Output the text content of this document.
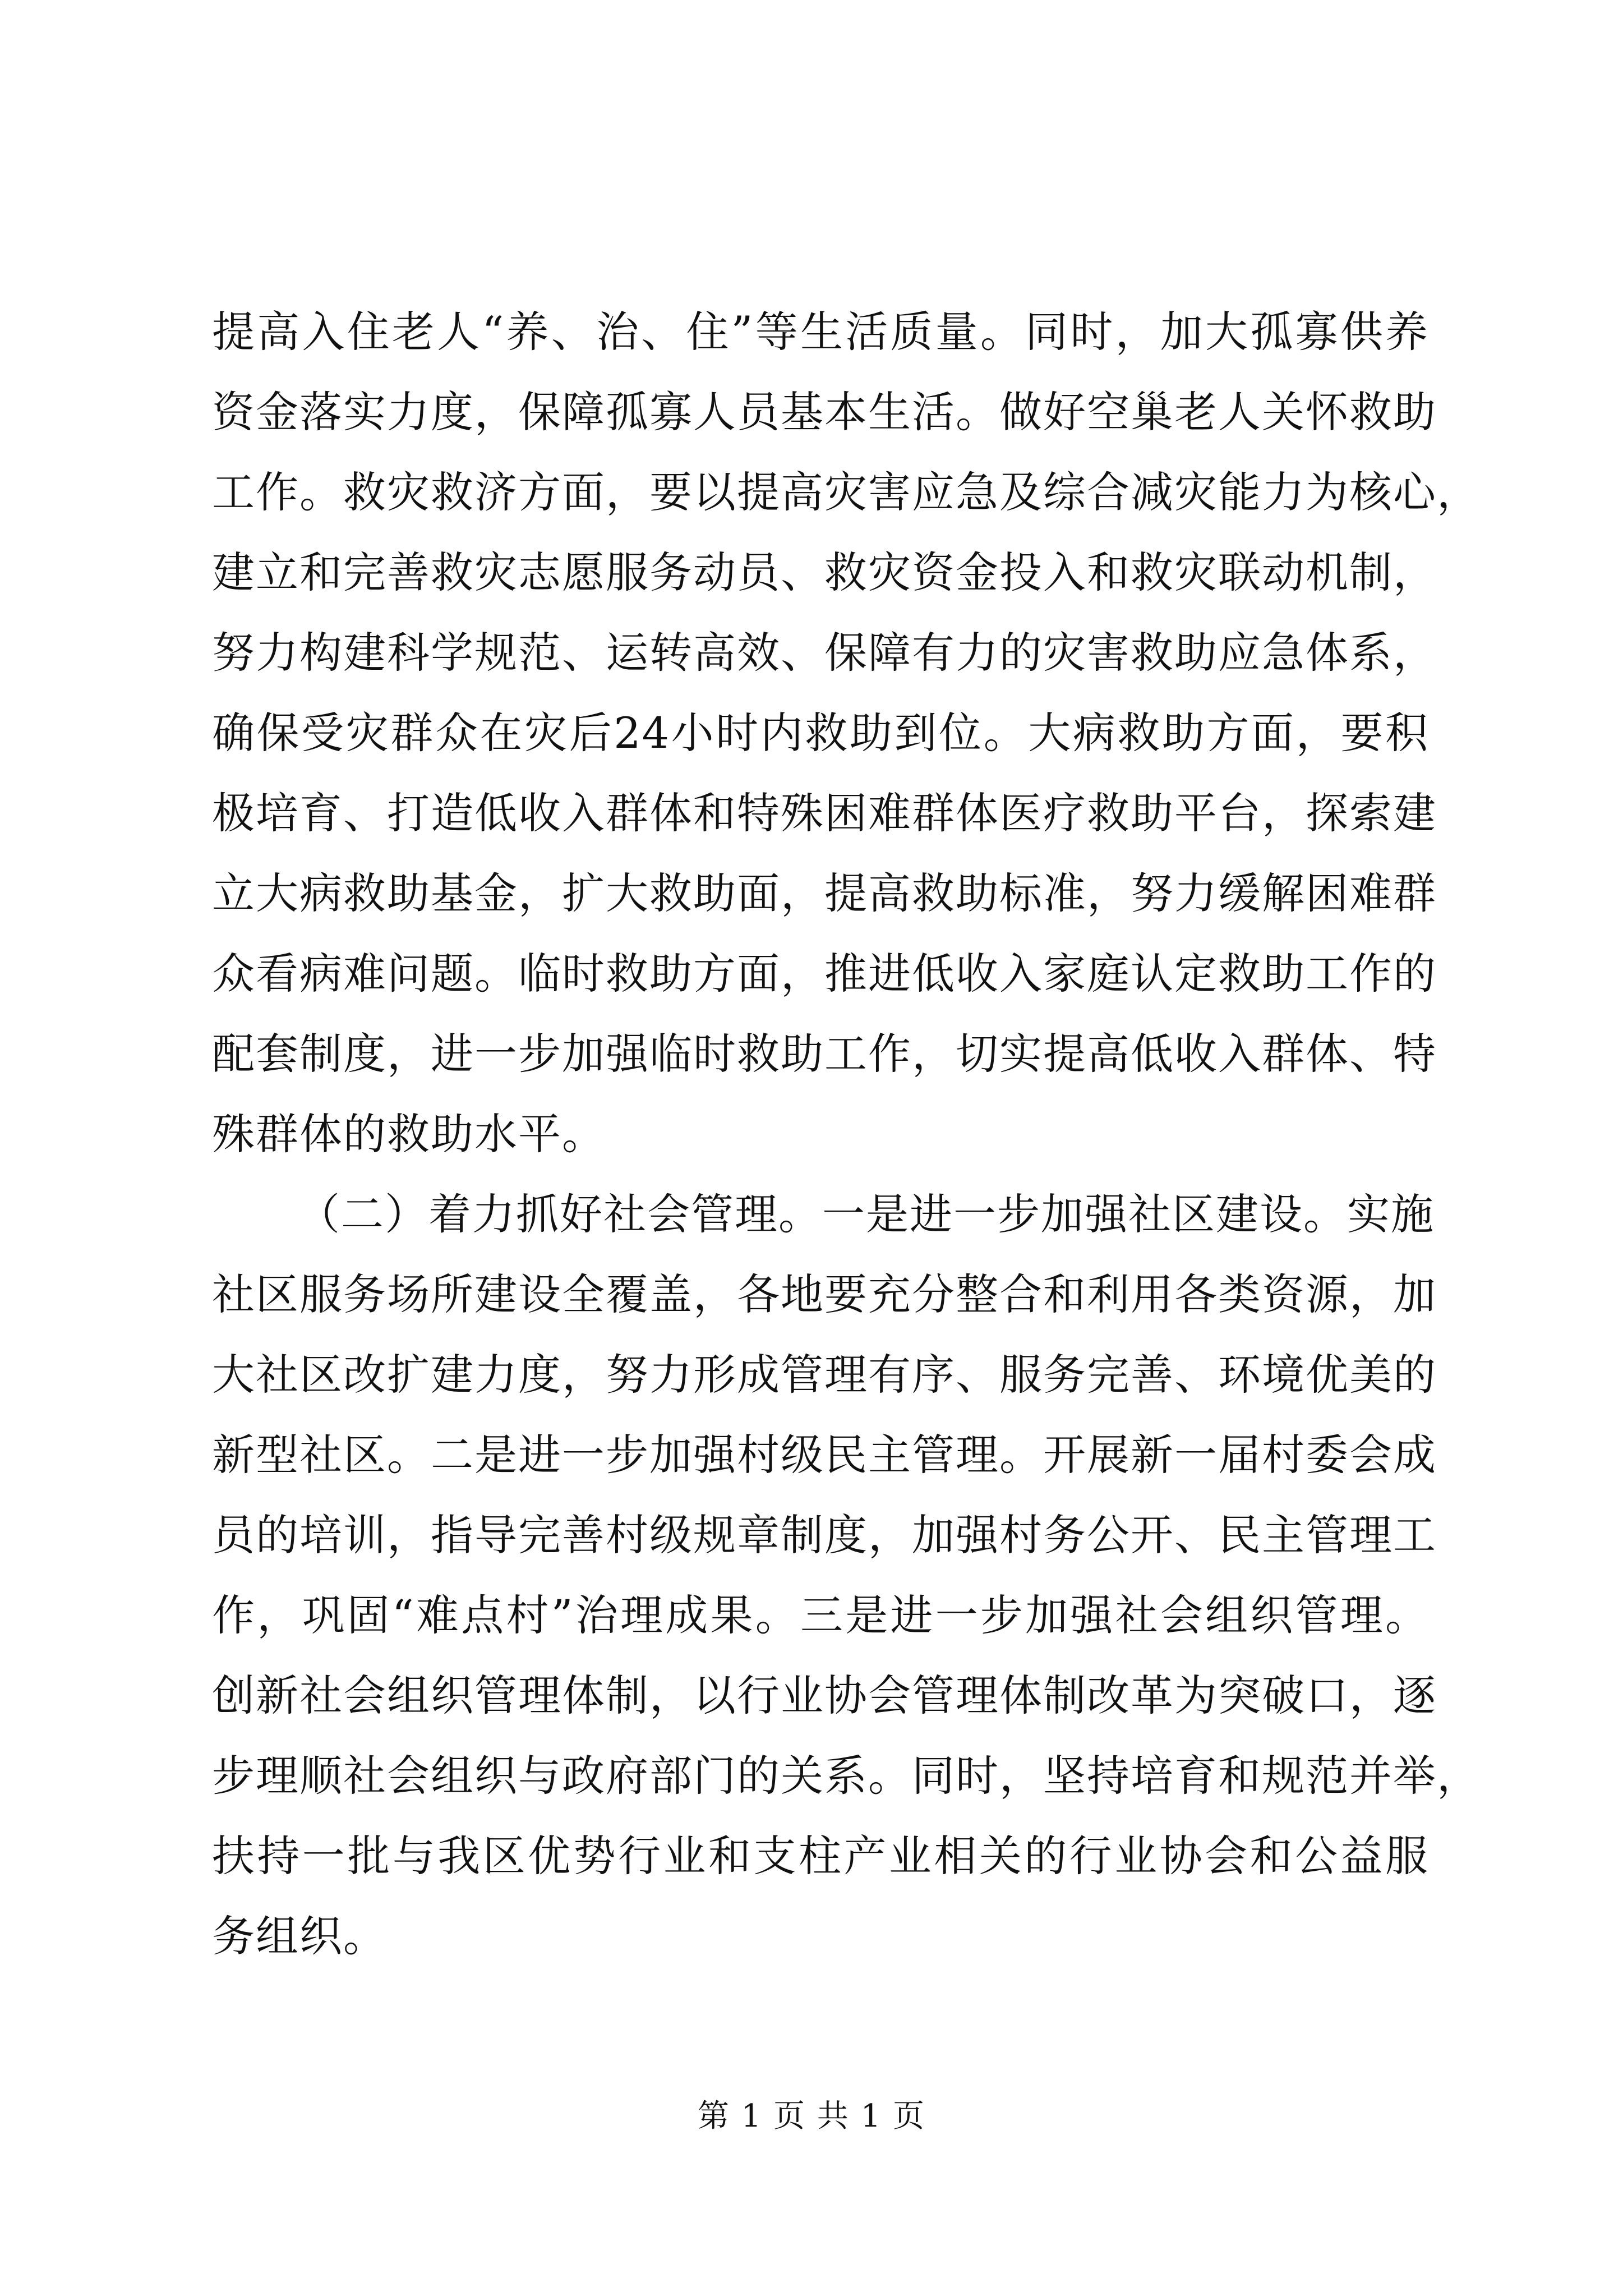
提高入住老人“养、治、住”等生活质量。同时，加大孤寡供养
资金落实力度，保障孤寡人员基本生活。做好空巢老人关怀救助
工作。救灾救济方面，要以提高灾害应急及综合减灾能力为核心，
建立和完善救灾志愿服务动员、救灾资金投入和救灾联动机制，
努力构建科学规范、运转高效、保障有力的灾害救助应急体系，
确保受灾群众在灾后24小时内救助到位。大病救助方面，要积
极培育、打造低收入群体和特殊困难群体医疗救助平台，探索建
立大病救助基金，扩大救助面，提高救助标准，努力缓解困难群
众看病难问题。临时救助方面，推进低收入家庭认定救助工作的
配套制度，进一步加强临时救助工作，切实提高低收入群体、特
殊群体的救助水平。
（二）着力抓好社会管理。一是进一步加强社区建设。实施
社区服务场所建设全覆盖，各地要充分整合和利用各类资源，加
大社区改扩建力度，努力形成管理有序、服务完善、环境优美的
新型社区。二是进一步加强村级民主管理。开展新一届村委会成
员的培训，指导完善村级规章制度，加强村务公开、民主管理工
作，巩固“难点村”治理成果。三是进一步加强社会组织管理。
创新社会组织管理体制，以行业协会管理体制改革为突破口，逐
步理顺社会组织与政府部门的关系。同时，坚持培育和规范并举，
扶持一批与我区优势行业和支柱产业相关的行业协会和公益服
务组织。
第 1 页 共 1 页
